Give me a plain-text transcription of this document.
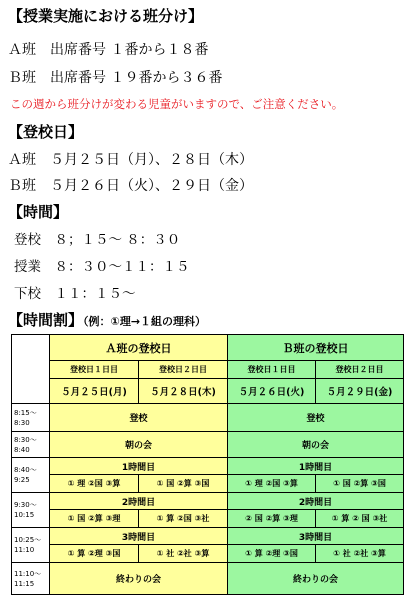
【授業実施における班分け】
Ａ班　出席番号 １番から１８番
Ｂ班　出席番号 １９番から３６番
この週から班分けが変わる児童がいますので、ご注意ください。
【登校日】
Ａ班　５月２５日（月）、２８日（木）
Ｂ班　５月２６日（火）、２９日（金）
【時間】
登校　８；１５～ ８：３０
授業　８：３０～１１：１５
下校　１１：１５～
【時間割】（例：①理→１組の理科）
	Ａ班の登校日		Ｂ班の登校日	
	登校日１日目	登校日２日目	登校日１日目	登校日２日目
	５月２５日(月)	５月２８日(木)	５月２６日(火)	５月２９日(金)
8:15～
8:30	登校		登校	
8:30～
8:40	朝の会		朝の会	
8:40～
9:25	1時間目		1時間目	
	① 理 ②国 ③算	① 国 ②算 ③国	① 理 ②国 ③算	① 国 ②算 ③国
9:30～
10:15	2時間目		2時間目	
	① 国 ②算 ③理	① 算 ②国 ③社	② 国 ②算 ③理	① 算 ② 国 ③社
10:25～
11:10	3時間目		3時間目	
	① 算 ②理 ③国	① 社 ②社 ③算	① 算 ②理 ③国	① 社 ②社 ③算
11:10～
11:15	終わりの会		終わりの会	
